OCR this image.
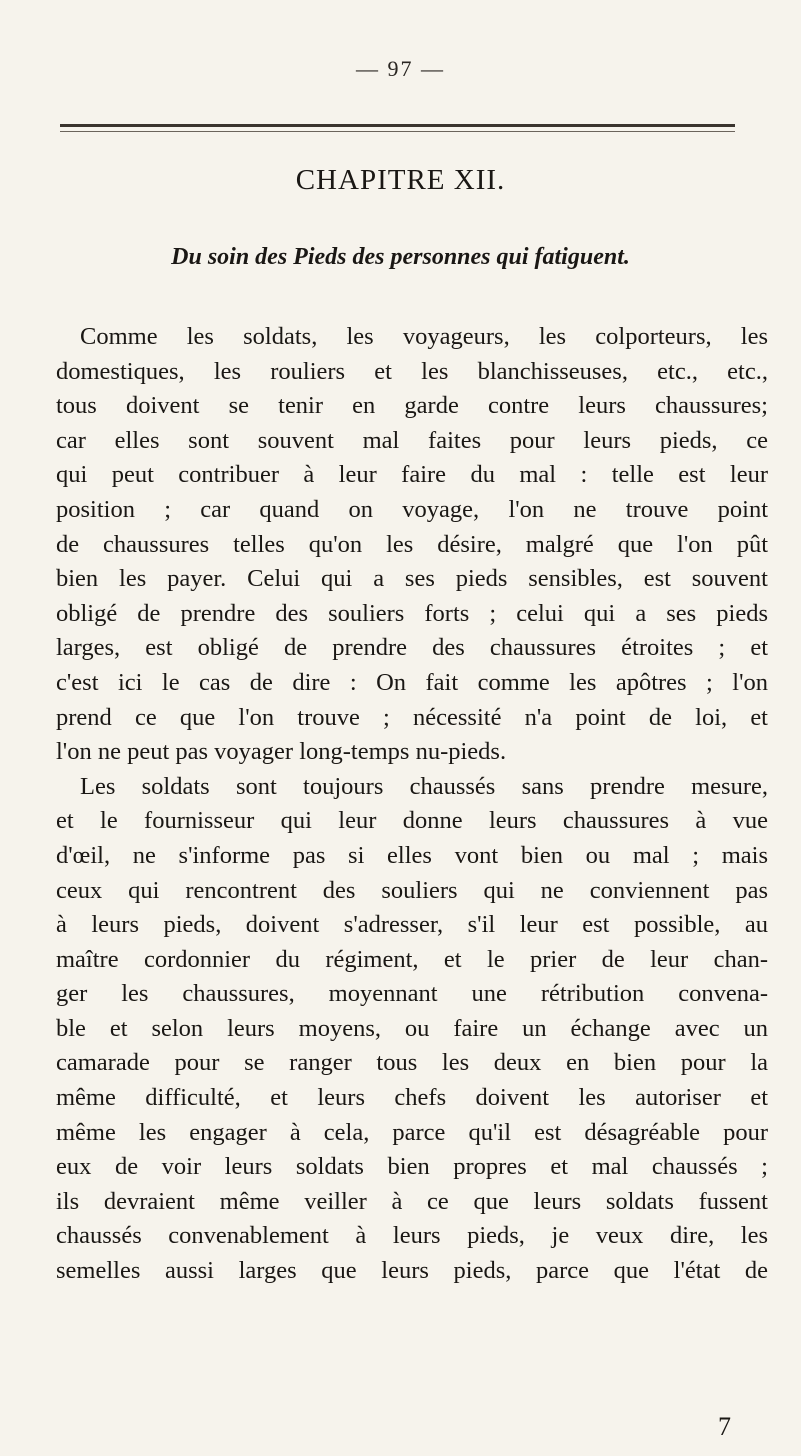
— 97 —
CHAPITRE XII.
Du soin des Pieds des personnes qui fatiguent.
Comme les soldats, les voyageurs, les colporteurs, les
domestiques, les rouliers et les blanchisseuses, etc., etc.,
tous doivent se tenir en garde contre leurs chaussures;
car elles sont souvent mal faites pour leurs pieds, ce
qui peut contribuer à leur faire du mal : telle est leur
position ; car quand on voyage, l'on ne trouve point
de chaussures telles qu'on les désire, malgré que l'on pût
bien les payer. Celui qui a ses pieds sensibles, est souvent
obligé de prendre des souliers forts ; celui qui a ses pieds
larges, est obligé de prendre des chaussures étroites ; et
c'est ici le cas de dire : On fait comme les apôtres ; l'on
prend ce que l'on trouve ; nécessité n'a point de loi, et
l'on ne peut pas voyager long-temps nu-pieds.
Les soldats sont toujours chaussés sans prendre mesure,
et le fournisseur qui leur donne leurs chaussures à vue
d'œil, ne s'informe pas si elles vont bien ou mal ; mais
ceux qui rencontrent des souliers qui ne conviennent pas
à leurs pieds, doivent s'adresser, s'il leur est possible, au
maître cordonnier du régiment, et le prier de leur chan-
ger les chaussures, moyennant une rétribution convena-
ble et selon leurs moyens, ou faire un échange avec un
camarade pour se ranger tous les deux en bien pour la
même difficulté, et leurs chefs doivent les autoriser et
même les engager à cela, parce qu'il est désagréable pour
eux de voir leurs soldats bien propres et mal chaussés ;
ils devraient même veiller à ce que leurs soldats fussent
chaussés convenablement à leurs pieds, je veux dire, les
semelles aussi larges que leurs pieds, parce que l'état de
7
